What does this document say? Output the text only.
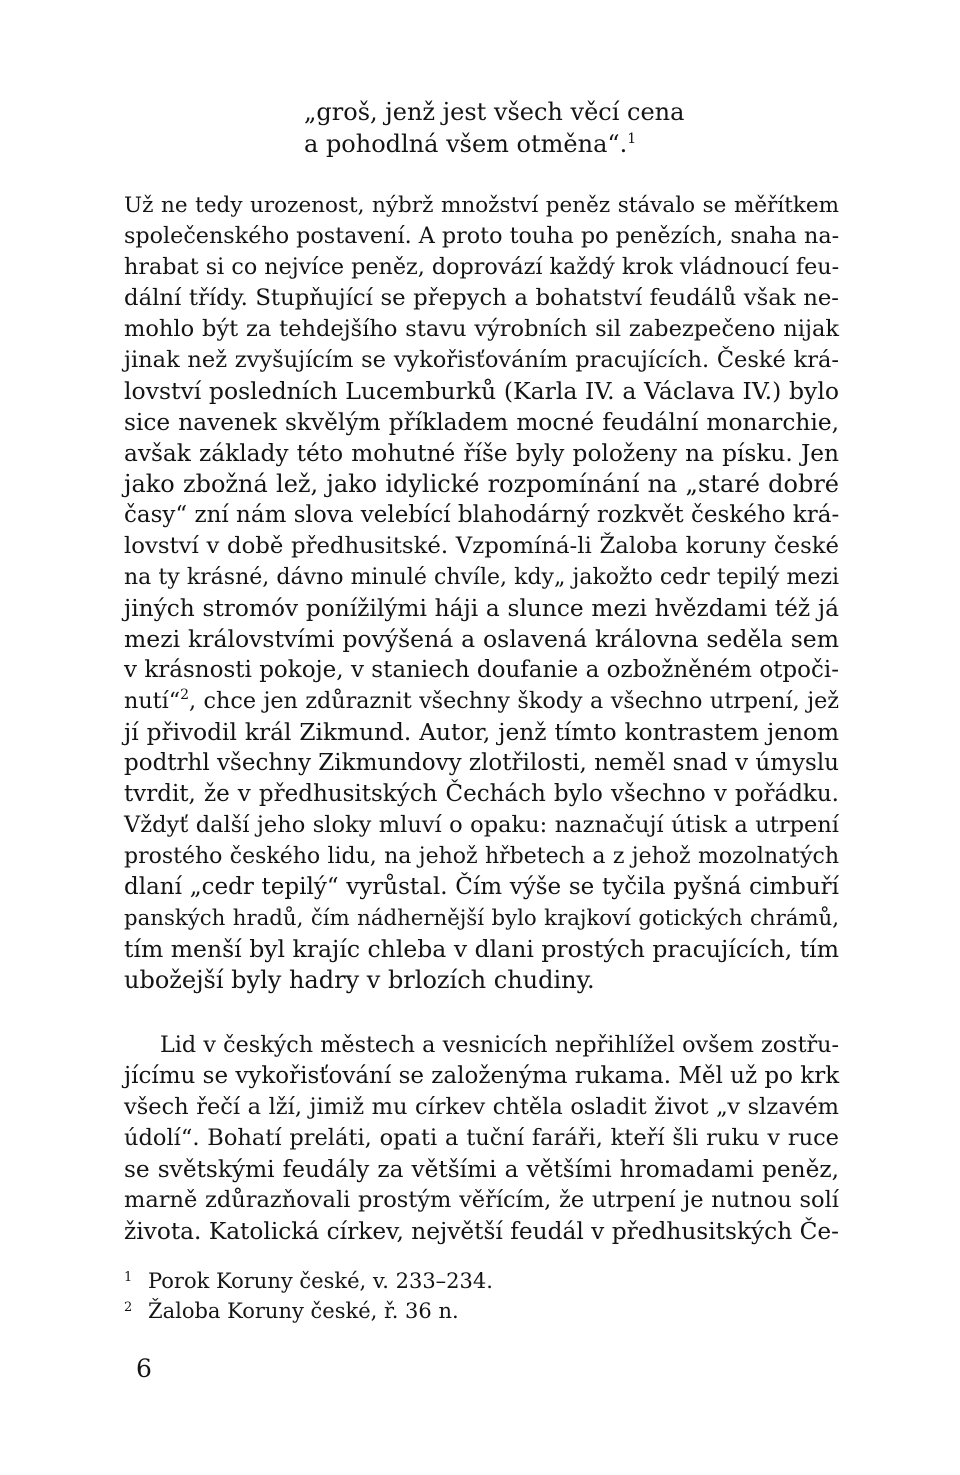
„groš, jenž jest všech věcí cena
a pohodlná všem otměna“.$^1$
Už ne tedy urozenost, nýbrž množství peněz stávalo se měřítkem
společenského postavení. A proto touha po penězích, snaha na-
hrabat si co nejvíce peněz, doprovází každý krok vládnoucí feu-
dální třídy. Stupňující se přepych a bohatství feudálů však ne-
mohlo být za tehdejšího stavu výrobních sil zabezpečeno nijak
jinak než zvyšujícím se vykořisťováním pracujících. České krá-
lovství posledních Lucemburků (Karla IV. a Václava IV.) bylo
sice navenek skvělým příkladem mocné feudální monarchie,
avšak základy této mohutné říše byly položeny na písku. Jen
jako zbožná lež, jako idylické rozpomínání na „staré dobré
časy“ zní nám slova velebící blahodárný rozkvět českého krá-
lovství v době předhusitské. Vzpomíná-li Žaloba koruny české
na ty krásné, dávno minulé chvíle, kdy„ jakožto cedr tepilý mezi
jiných stromóv ponížilými háji a slunce mezi hvězdami též já
mezi královstvími povýšená a oslavená královna seděla sem
v krásnosti pokoje, v staniech doufanie a ozbožněném otpoči-
nutí“$^2$, chce jen zdůraznit všechny škody a všechno utrpení, jež
jí přivodil král Zikmund. Autor, jenž tímto kontrastem jenom
podtrhl všechny Zikmundovy zlotřilosti, neměl snad v úmyslu
tvrdit, že v předhusitských Čechách bylo všechno v pořádku.
Vždyť další jeho sloky mluví o opaku: naznačují útisk a utrpení
prostého českého lidu, na jehož hřbetech a z jehož mozolnatých
dlaní „cedr tepilý“ vyrůstal. Čím výše se tyčila pyšná cimbuří
panských hradů, čím nádhernější bylo krajkoví gotických chrámů,
tím menší byl krajíc chleba v dlani prostých pracujících, tím
ubožejší byly hadry v brlozích chudiny.
Lid v českých městech a vesnicích nepřihlížel ovšem zostřu-
jícímu se vykořisťování se založenýma rukama. Měl už po krk
všech řečí a lží, jimiž mu církev chtěla osladit život „v slzavém
údolí“. Bohatí preláti, opati a tuční faráři, kteří šli ruku v ruce
se světskými feudály za většími a většími hromadami peněz,
marně zdůrazňovali prostým věřícím, že utrpení je nutnou solí
života. Katolická církev, největší feudál v předhusitských Če-
1 Porok Koruny české, v. 233–234.
2 Žaloba Koruny české, ř. 36 n.
6
